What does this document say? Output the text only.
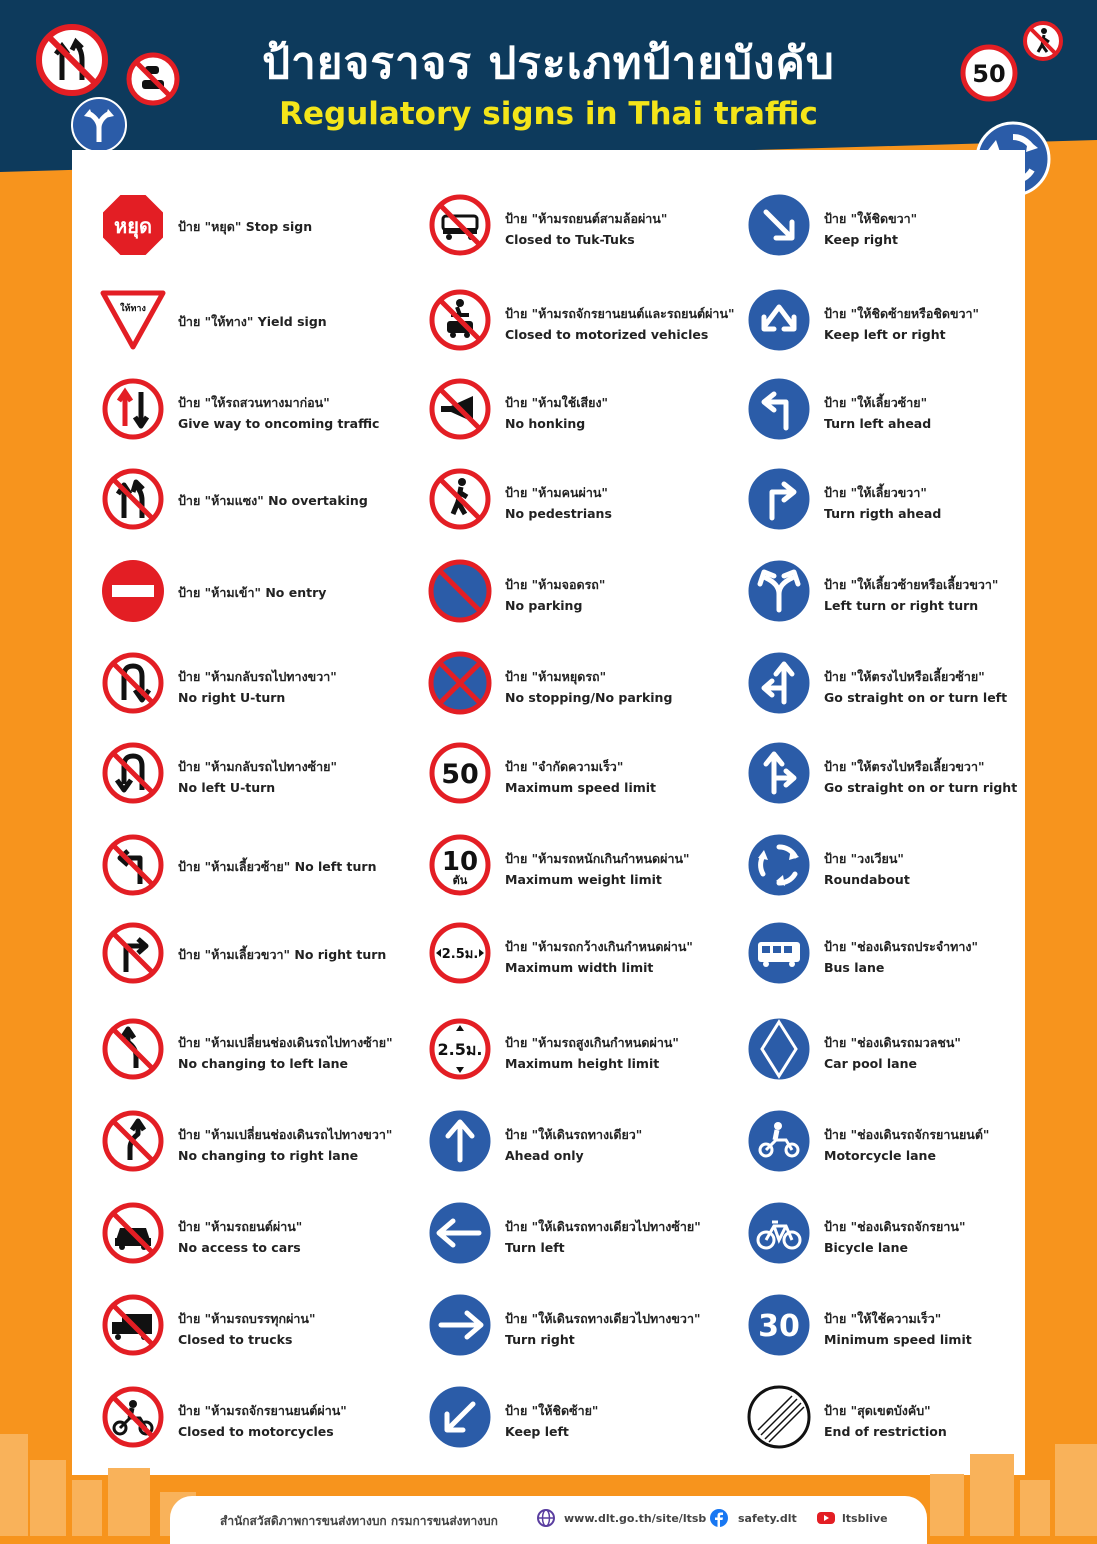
ป้ายจราจร ประเภทป้ายบังคับ
Regulatory signs in Thai traffic
50
หยุด ป้าย "หยุด" Stop sign
ให้ทาง
ป้าย "ให้ทาง" Yield sign
ป้าย "ให้รถสวนทางมาก่อน"
Give way to oncoming traffic
ป้าย "ห้ามแซง" No overtaking
ป้าย "ห้ามเข้า" No entry
ป้าย "ห้ามกลับรถไปทางขวา"
No right U-turn
ป้าย "ห้ามกลับรถไปทางซ้าย"
No left U-turn
ป้าย "ห้ามเลี้ยวซ้าย" No left turn
ป้าย "ห้ามเลี้ยวขวา" No right turn
ป้าย "ห้ามเปลี่ยนช่องเดินรถไปทางซ้าย"
No changing to left lane
ป้าย "ห้ามเปลี่ยนช่องเดินรถไปทางขวา"
No changing to right lane
ป้าย "ห้ามรถยนต์ผ่าน"
No access to cars
ป้าย "ห้ามรถบรรทุกผ่าน"
Closed to trucks
ป้าย "ห้ามรถจักรยานยนต์ผ่าน"
Closed to motorcycles
ป้าย "ห้ามรถยนต์สามล้อผ่าน"
Closed to Tuk-Tuks
ป้าย "ห้ามรถจักรยานยนต์และรถยนต์ผ่าน"
Closed to motorized vehicles
ป้าย "ห้ามใช้เสียง"
No honking
ป้าย "ห้ามคนผ่าน"
No pedestrians
ป้าย "ห้ามจอดรถ"
No parking
ป้าย "ห้ามหยุดรถ"
No stopping/No parking
50 ป้าย "จำกัดความเร็ว"
Maximum speed limit
10
ตัน
ป้าย "ห้ามรถหนักเกินกำหนดผ่าน"
Maximum weight limit
2.5ม.
ป้าย "ห้ามรถกว้างเกินกำหนดผ่าน"
Maximum width limit
2.5ม. ป้าย "ห้ามรถสูงเกินกำหนดผ่าน"
Maximum height limit
ป้าย "ให้เดินรถทางเดียว"
Ahead only
ป้าย "ให้เดินรถทางเดียวไปทางซ้าย"
Turn left
ป้าย "ให้เดินรถทางเดียวไปทางขวา"
Turn right
ป้าย "ให้ชิดซ้าย"
Keep left
ป้าย "ให้ชิดขวา"
Keep right
ป้าย "ให้ชิดซ้ายหรือชิดขวา"
Keep left or right
ป้าย "ให้เลี้ยวซ้าย"
Turn left ahead
ป้าย "ให้เลี้ยวขวา"
Turn rigth ahead
ป้าย "ให้เลี้ยวซ้ายหรือเลี้ยวขวา"
Left turn or right turn
ป้าย "ให้ตรงไปหรือเลี้ยวซ้าย"
Go straight on or turn left
ป้าย "ให้ตรงไปหรือเลี้ยวขวา"
Go straight on or turn right
ป้าย "วงเวียน"
Roundabout
ป้าย "ช่องเดินรถประจำทาง"
Bus lane
ป้าย "ช่องเดินรถมวลชน"
Car pool lane
ป้าย "ช่องเดินรถจักรยานยนต์"
Motorcycle lane
ป้าย "ช่องเดินรถจักรยาน"
Bicycle lane
30 ป้าย "ให้ใช้ความเร็ว"
Minimum speed limit
ป้าย "สุดเขตบังคับ"
End of restriction
สำนักสวัสดิภาพการขนส่งทางบก กรมการขนส่งทางบก	www.dlt.go.th/site/ltsb	safety.dlt	ltsblive
